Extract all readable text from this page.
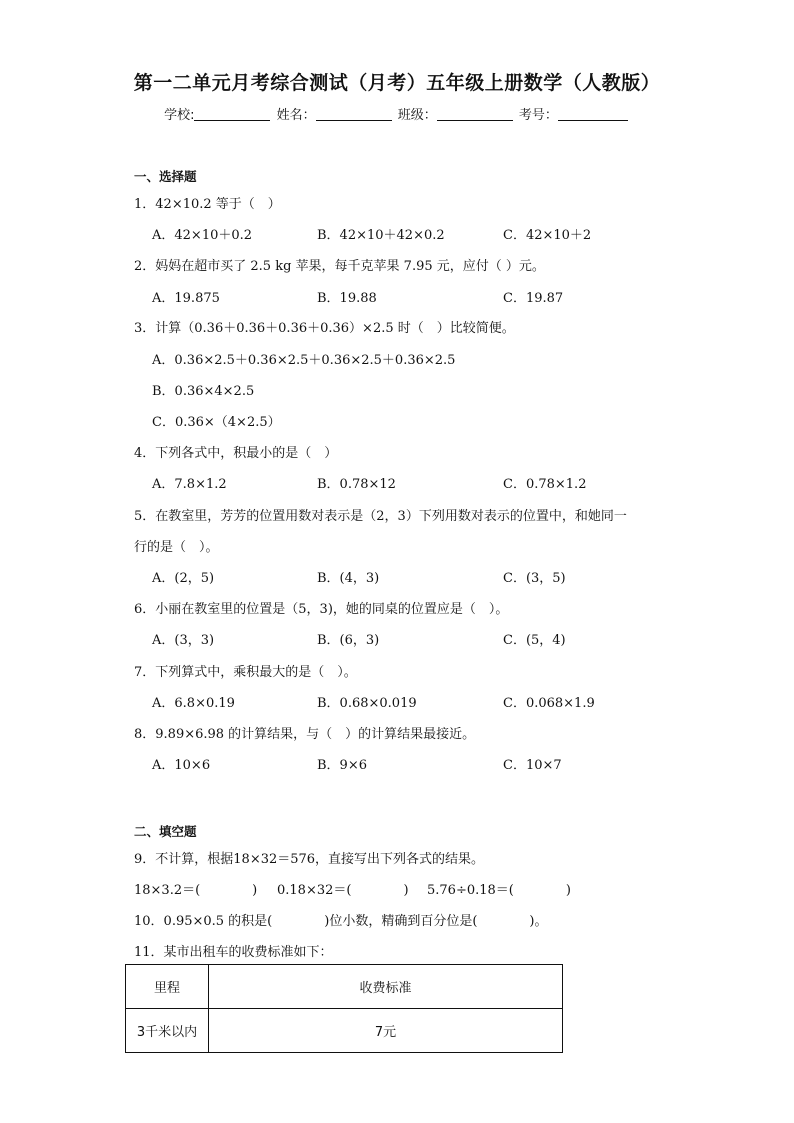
第一二单元月考综合测试（月考）五年级上册数学（人教版）
学校:	姓名：	班级：	考号：
一、选择题
1．42×10.2 等于（　）
A．42×10＋0.2	B．42×10＋42×0.2	C．42×10＋2
2．妈妈在超市买了 2.5 kg 苹果，每千克苹果 7.95 元，应付（ ）元。
A．19.875	B．19.88	C．19.87
3．计算（0.36＋0.36＋0.36＋0.36）×2.5 时（　）比较简便。
A．0.36×2.5＋0.36×2.5＋0.36×2.5＋0.36×2.5
B．0.36×4×2.5
C．0.36×（4×2.5）
4．下列各式中，积最小的是（　）
A．7.8×1.2	B．0.78×12	C．0.78×1.2
5．在教室里，芳芳的位置用数对表示是（2，3）下列用数对表示的位置中，和她同一
行的是（　）。
A．(2，5)	B．(4，3)	C．(3，5)
6．小丽在教室里的位置是（5，3)，她的同桌的位置应是（　）。
A．(3，3)	B．(6，3)	C．(5，4)
7．下列算式中，乘积最大的是（　）。
A．6.8×0.19	B．0.68×0.019	C．0.068×1.9
8．9.89×6.98 的计算结果，与（　）的计算结果最接近。
A．10×6	B．9×6	C．10×7
二、填空题
9．不计算，根据18×32＝576，直接写出下列各式的结果。
18×3.2＝(　　　　) 0.18×32＝(　　　　) 5.76÷0.18＝(　　　　)
10．0.95×0.5 的积是(　　　　)位小数，精确到百分位是(　　　　)。
11．某市出租车的收费标准如下：
里程	收费标准
3千米以内	7元
